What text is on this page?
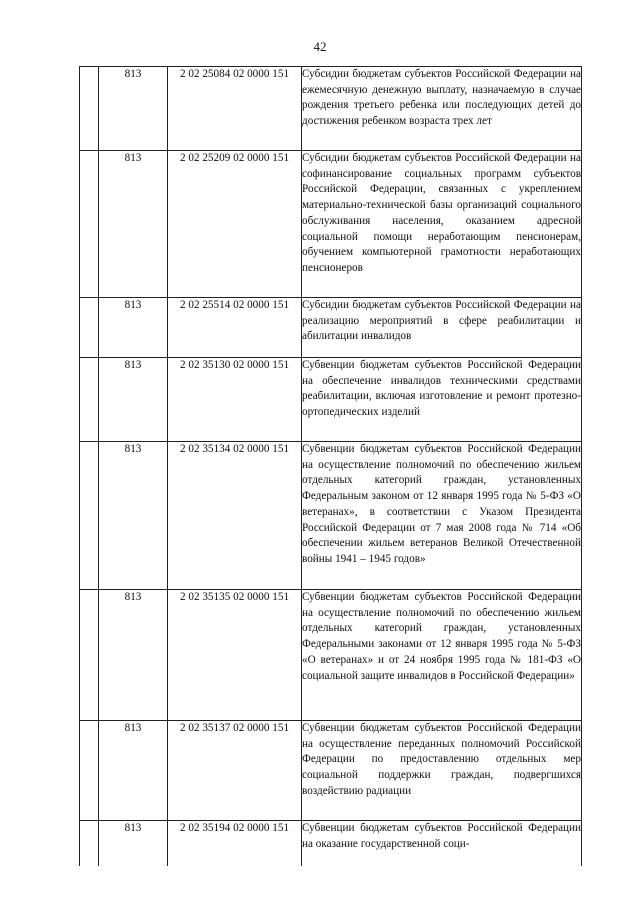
42
	813	2 02 25084 02 0000 151	Субсидии бюджетам субъектов Российской Федерации на ежемесячную денежную выплату, назначаемую в случае рождения третьего ребенка или последующих детей до достижения ребенком возраста трех лет
	813	2 02 25209 02 0000 151	Субсидии бюджетам субъектов Российской Федерации на софинансирование социальных программ субъектов Российской Федерации, связанных с укреплением материально-технической базы организаций социального обслуживания населения, оказанием адресной социальной помощи неработающим пенсионерам, обучением компьютерной грамотности неработающих пенсионеров
	813	2 02 25514 02 0000 151	Субсидии бюджетам субъектов Российской Федерации на реализацию мероприятий в сфере реабилитации и абилитации инвалидов
	813	2 02 35130 02 0000 151	Субвенции бюджетам субъектов Российской Федерации на обеспечение инвалидов техническими средствами реабилитации, включая изготовление и ремонт протезно-ортопедических изделий
	813	2 02 35134 02 0000 151	Субвенции бюджетам субъектов Российской Федерации на осуществление полномочий по обеспечению жильем отдельных категорий граждан, установленных Федеральным законом от 12 января 1995 года № 5-ФЗ «О ветеранах», в соответствии с Указом Президента Российской Федерации от 7 мая 2008 года № 714 «Об обеспечении жильем ветеранов Великой Отечественной войны 1941 – 1945 годов»
	813	2 02 35135 02 0000 151	Субвенции бюджетам субъектов Российской Федерации на осуществление полномочий по обеспечению жильем отдельных категорий граждан, установленных Федеральными законами от 12 января 1995 года № 5-ФЗ «О ветеранах» и от 24 ноября 1995 года № 181-ФЗ «О социальной защите инвалидов в Российской Федерации»
	813	2 02 35137 02 0000 151	Субвенции бюджетам субъектов Российской Федерации на осуществление переданных полномочий Российской Федерации по предоставлению отдельных мер социальной поддержки граждан, подвергшихся воздействию радиации
	813	2 02 35194 02 0000 151	Субвенции бюджетам субъектов Российской Федерации на оказание государственной соци-
